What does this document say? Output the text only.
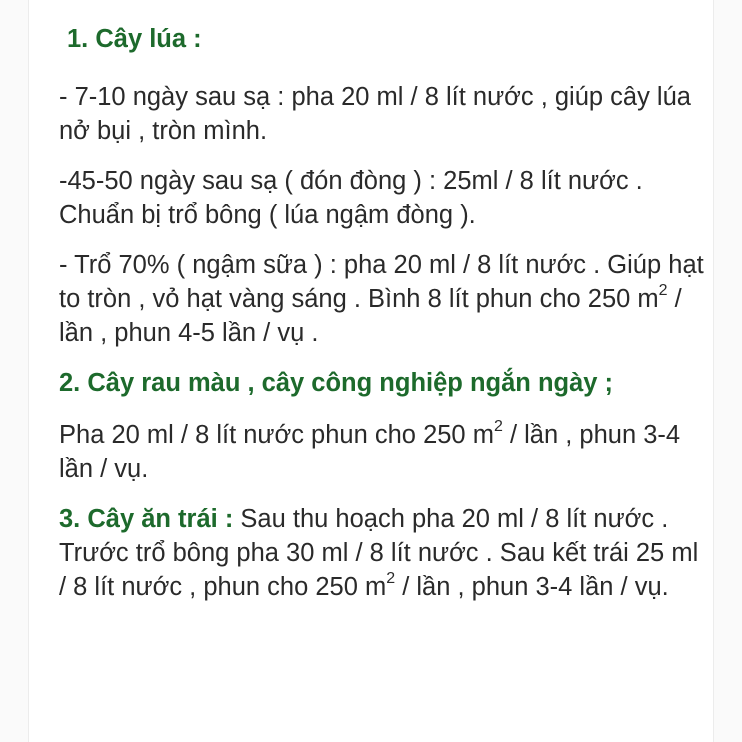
1. Cây lúa :

- 7-10 ngày sau sạ : pha 20 ml / 8 lít nước , giúp cây lúa nở bụi , tròn mình.

-45-50 ngày sau sạ ( đón đòng ) : 25ml / 8 lít nước . Chuẩn bị trổ bông ( lúa ngậm đòng ).

- Trổ 70% ( ngậm sữa ) : pha 20 ml / 8 lít nước . Giúp hạt to tròn , vỏ hạt vàng sáng . Bình 8 lít phun cho 250 $m^2$ / lần , phun 4-5 lần / vụ .

2. Cây rau màu , cây công nghiệp ngắn ngày ;

Pha 20 ml / 8 lít nước phun cho 250 $m^2$ / lần , phun 3-4 lần / vụ.

3. Cây ăn trái : Sau thu hoạch pha 20 ml / 8 lít nước . Trước trổ bông pha 30 ml / 8 lít nước . Sau kết trái 25 ml / 8 lít nước , phun cho 250 $m^2$ / lần , phun 3-4 lần / vụ.
